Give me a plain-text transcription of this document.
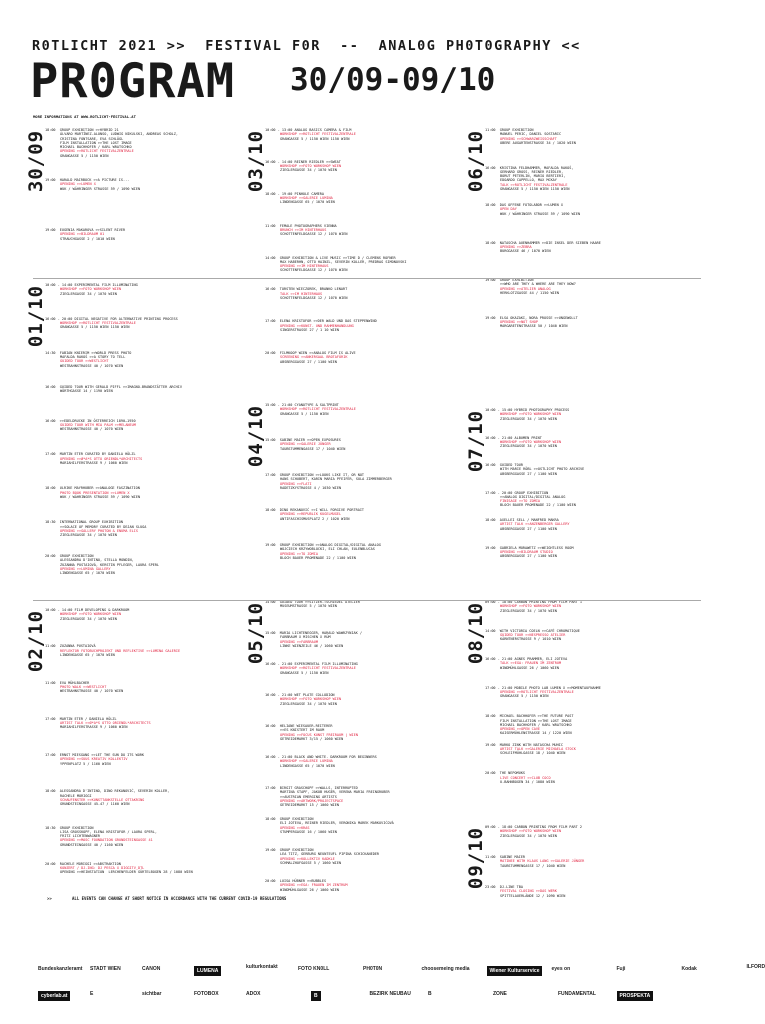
R0TLICHT 2021 >>  FESTIVAL F0R  --  ANAL0G PH0T0GRAPHY <<
PR0GRAM 30/09-09/10
MORE INFORMATIONS AT WWW.ROTLICHT-FESTIVAL.AT
30/09
18:00  GROUP EXHIBITION >>HYBRID 21
ÁLVARO MARTÍNEZ-ALONSO, LUDWIG NIKULSKI, ANDREAS SCHOLZ,
CRISTINA FONTSARE, EVA SCHLÖGL
FILM INSTALLATION >>THE LOST IMAGE
MICHAEL BACHHOFER / KARL WRATSCHKO
OPENING >>ROTLICHT FESTIVALZENTRALE
GRANGASSE 5 / 1150 WIEN
19:00  HARALD MAIRBOCK >>A PICTURE IS...
OPENING >>LUMEN X
WUK / WÄHRINGER STRASSE 59 / 1090 WIEN
19:00  EUGENIA MAKAROVA >>SILENT RIVER
OPENING >>BILDRAUM 01
STRAUCHGASSE 2 / 1010 WIEN
01/10
10:00 - 14:00 EXPERIMENTAL FILM ILLUMINATING
WORKSHOP >>FOTO WORKSHOP WIEN
ZIEGLERGASSE 34 / 1070 WIEN
16:00 - 20:00 DIGITAL NEGATIVE FOR ALTERNATIVE PRINTING PROCESS
WORKSHOP >>ROTLICHT FESTIVALZENTRALE
GRANGASSE 5 / 1150 WIEN 1150 WIEN
14:30  FABIAN KNIERIM >>WORLD PRESS PHOTO
MAFALDA RAKOŠ >>A STORY TO TELL
GUIDED TOUR >>WESTLICHT
WESTBAHNSTRASSE 40 / 1070 WIEN
16:00  GUIDED TOUR WITH GERALD PIFFL >>IMAGNO-BRANDSTÄTTER ARCHIV
WÖRTHGASSE 14 / 1190 WIEN
16:00  >>EDELDRUCKE IN ÖSTERREICH 1890–1950
GUIDED TOUR WITH MIA PALM >>MELANEUM
WESTBAHNSTRASSE 40 / 1070 WIEN
17:00  MARTIN ETER CURATED BY DANIELA HÖLZL
OPENING >>Ø*A*S OTTO ORIENDL*ARCHITECTS
MARIAHILFERSTRASSE 9 / 1060 WIEN
18:00  ULRIKE MAYRHUBER >>ANALOGE FASZINATION
PHOTO BOOK PRESENTATION >>LUMEN X
WUK / WÄHRINGER STRASSE 59 / 1090 WIEN
18:30  INTERNATIONAL GROUP EXHIBITION
>>SOLACE OF MEMORY CURATED BY DEJAN SLUGA
OPENING >>GALLERY PHOTON & ENUMA ELIS
ZIEGLERGASSE 34 / 1070 WIEN
20:00  GROUP EXHIBITION
ALESSANDRA D'INTINO, STELLA MONDIN,
ZUZANNA PUSTAIOVÁ, KERSTIN PFLEGER, LAURA SPERL
OPENING >>LUMINA GALLERY
LINDENGASSE 65 / 1070 WIEN
02/10
10:00 - 14:00 FILM DEVELOPING & DARKROOM
WORKSHOP >>FOTO WORKSHOP WIEN
ZIEGLERGASSE 34 / 1070 WIEN
11:00  ZUZANNA PUSTAIOVÁ
REFLEKTOR FOTOBUCHPROJEKT UND REFLEKTIVE >>LUMINA GALERIE
LINDENGASSE 65 / 1070 WIEN
11:00  EVA MÜHLBACHER
PHOTO WALK >>WESTLICHT
WESTBAHNSTRASSE 40 / 1070 WIEN
17:00  MARTIN ETER / DANIELA HÖLZL
ARTIST TALK >>Ø*A*S OTTO ORIENDL*ARCHITECTS
MARIAHILFERSTRASSE 9 / 1060 WIEN
17:00  ERNST MIESGANG >>LET THE SUN DO ITS WORK
OPENING >>SUUS KREATIV KOLLEKTIV
YPPENPLATZ 5 / 1160 WIEN
18:00  ALESSANDRA D'INTINO, DINO REKANOVIĆ, SEVERIN KOLLER,
RACHELE MORIGGI
SCHAUFENSTER >>KUNSTTANKSTELLE OTTAKRING
GRUNDSTEINGASSE 45-47 / 1160 WIEN
18:30  GROUP EXHIBITION
LISA GROSSKOPF, ELENA KRISTOFOR / LAURA SPERL,
FRITZ LICHTENWAGNER
OPENING >>MASC FOUNDATION GRUNDSTEINGASSE 41
GRUNDSTEINGASSE 40 / 1160 WIEN
20:00  RACHELE MORIGGI >>ABSTRAKTION
KONZERT / DJ-ING: DJ PESCA X DIGGITV_DTL
OPENING >>HEINSTATION  LERCHENFELDER GÜRTELBOGEN 28 / 1080 WIEN
03/10
10:00 - 13:00 ANALOG BASICS CAMERA & FILM
WORKSHOP >>ROTLICHT FESTIVALZENTRALE
GRANGASSE 5 / 1150 WIEN 1150 WIEN
16:00 - 14:00 REINER RIEDLER >>SWEAT
WORKSHOP >>FOTO WORKSHOP WIEN
ZIEGLERGASSE 34 / 1070 WIEN
18:00 - 19:00 PINHOLE CAMERA
WORKSHOP >>GALERIE LUMINA
LINDENGASSE 65 / 1070 WIEN
11:00  FEMALE PHOTOGRAPHERS VIENNA
BRUNCH >>IM HINTERHAUS
SCHOTTENFELDGASSE 12 / 1070 WIEN
14:00  GROUP EXHIBITION & LIVE MUSIC >>TIME D / CLEMENS ROFNER
MAX HABERHN, OTTO HAINZL, SEVERIN KOLLER, PREDRAG SIMONOVSKI
OPENING >>IM HINTERHAUS
SCHOTTENFELDGASSE 12 / 1070 WIEN
16:00  TORSTEN WIECZOREK, BRANKO LENART
TALK >>IM HINTERHAUS
SCHOTTENFELDGASSE 12 / 1070 WIEN
17:00  ELENA KRISTOFOR >>DER WALD UND DAS STEPPENWIND
OPENING >>KUNST- UND RAHMENHANDLUNG
SINGERSTRASSE 27 / 1 10 WIEN
20:00  FILMKOOP WIEN >>ANALOG FILM IS ALIVE
SCREENING >>ANKERSAAL BROTAFÖRIK
ABSBERGGASSE 27 / 1100 WIEN
04/10
15:00 - 21:00 CYANOTYPE & SALTPRINT
WORKSHOP >>ROTLICHT FESTIVALZENTRALE
GRANGASSE 5 / 1150 WIEN
15:00  SABINE MAIER >>OPEN EXPOSURES
OPENING >>GALERIE JÜNGER
TAUBSTUMMENGASSE 17 / 1040 WIEN
17:00  GROUP EXHIBITION >>LOOKS LIKE IT, OR NOT
HANS SCHUBERT, KARIN MARIA PFEIFER, SULA ZIMMERBERGER
OPENING >>FLATI
RADETZKYSTRASSE 4 / 1030 WIEN
18:00  DINO REKANOVIĆ >>I WILL FORGIVE PORTRAIT
OPENING >>REPUBLIK KUGELMUGEL
ANTIFASCHISMUSPLATZ 2 / 1020 WIEN
19:00  GROUP EXHIBITION >>ANALOG DIGITAL/DIGITAL ANALOG
WOJCIECH KRZYWOBLOCKI, ELI CHLAN, EULENBLUCAS
OPENING >>TO ZOMIA
BLOCH BAUER PROMENADE 22 / 1100 WIEN
05/10
14:00  GUIDED TOUR >>SITZER-TSCHIEDEL ATELIER
MUSEUMSTRASSE 5 / 1070 WIEN
15:00  MARIA LICHTENEGGER, HARALD WAWRZYNIAK /
FARBRAUM X MISCHEN X RÜM
OPENING >>FARBRAUM
LINKE WIENZEILE 46 / 1060 WIEN
16:00 - 21:00 EXPERIMENTAL FILM ILLUMINATING
WORKSHOP >>ROTLICHT FESTIVALZENTRALE
GRANGASSE 5 / 1150 WIEN
16:00 - 21:00 WET PLATE COLLODION
WORKSHOP >>FOTO WORKSHOP WIEN
ZIEGLERGASSE 34 / 1070 WIEN
16:00  HELIANE WIESAUER-REITERER
>>ES KNISTERT IM RAUM
OPENING >>FOCUS KUNST FREIRAUM | WIEN
GETREIDEMARKT 3/15 / 1060 WIEN
16:00 - 21:00 BLACK AND WHITE. DARKROOM FOR BEGINNERS
WORKSHOP >>GALERIE LUMINA
LINDENGASSE 65 / 1070 WIEN
17:00  BIRGIT GRASCHOPF >>WALLS, INTERRUPTED
MARTINA STAPF, JAKOB HUGER, VERENA MARIA FREINGRUBER
>>AUSTRIAN EMERGING ARTISTS
OPENING >>ARTWORK/PROJECTSPACE
GETREIDEMARKT 15 / 1060 WIEN
18:00  GROUP EXHIBITION
ELI JOTEVA, REINER RIEDLER, VERONIKA MAREK MARKOVIĆOVÁ
OPENING >>KRAS
STUMPERGASSE 16 / 1060 WIEN
19:00  GROUP EXHIBITION
LEA TITZ, GERBURG NEUNTEUFL PIPINA SCHICKANEDER
OPENING >>KOLLEKTIV KADKLE
SCHMALZHOFGASSE 5 / 1060 WIEN
20:00  LUISA HÜBNER >>BUBBLES
OPENING >>EGA: FRAUEN IM ZENTRUM
WINDMÜHLGASSE 26 / 1060 WIEN
06/10
11:00  GROUP EXHIBITION
MANUEL PERIC, DANIEL SOSTARIC
OPENING >>SCHWARZWEISSCHAFT
OBERE AUGARTENSTRASSE 34 / 1020 WIEN
16:00  KRISTINA FELDHAMMER, MAFALDA RAKOŠ,
GERHARD GROSS, REINER RIEDLER,
BORUT PETERLIN, MARIO BERTIERI,
EDOARDO CAPPELLO, MAX MCKAY
TALK >>ROTLICHT FESTIVALZENTRALE
GRANGASSE 5 / 1150 WIEN 1150 WIEN
18:00  DAS OFFENE FOTOLABOR >>LUMEN X
OPEN DAY
WUK / WÄHRINGER STRASSE 59 / 1090 WIEN
18:00  NATASCHA AUENHAMMER >>DIE INSEL DER SIEBEN HAARE
OPENING >>ZEBRA
BURGGASSE 46 / 1070 WIEN
19:00  GROUP EXHIBITION
>>WHO ARE THEY & WHERE ARE THEY NOW?
OPENING >>ATELIER ANALOG
HERKLOTZGASSE 44 / 1150 WIEN
19:00  ELSA OKAZAKI, NORA PROSSE >>UNGEWOLLT
OPENING >>NOT SHOP
MARGARETENSTRASSE 50 / 1040 WIEN
07/10
10:00 - 15:00 HYBRID PHOTOGRAPHY PROCESS
WORKSHOP >>FOTO WORKSHOP WIEN
ZIEGLERGASSE 34 / 1070 WIEN
16:00 - 21:00 ALBUMEN PRINT
WORKSHOP >>FOTO WORKSHOP WIEN
ZIEGLERGASSE 34 / 1070 WIEN
16:00  GUIDED TOUR
WITH MARIE RÖBL >>OSTLICHT PHOTO ARCHIVE
ABSBERGGASSE 27 / 1100 WIEN
17:00 - 20:00 GROUP EXHIBITION
>>ANALOG DIGITAL/DIGITAL ANALOG
FINISAGE >>TO ZOMIA
BLOCH BAUER PROMENADE 22 / 1100 WIEN
18:00  AXELLEI SELL / MANFRED MAKRA
ARTIST TALK >>ANZENBERGER GALLERY
ABSBERGGASSE 27 / 1100 WIEN
19:00  GABRIELA MORAWETZ >>WEIGHTLESS ROOM
OPENING >>BILDRAUM STUDIO
ABSBERGGASSE 27 / 1100 WIEN
08/10
09:00 - 18:00 CARBON PRINTING FROM FILM PART 1
WORKSHOP >>FOTO WORKSHOP WIEN
ZIEGLERGASSE 34 / 1070 WIEN
14:00  WITH VICTORIA COELN >>CAFÉ CHROMATIQUE
GUIDED TOUR >>NESPRESSO ATELIER
KÄRNTNERSTRASSE 9 / 1010 WIEN
16:00 - 21:00 AGNES PRAMMER, ELI JOTEVA
TALK >>EGA: FRAUEN IM ZENTRUM
WINDMÜHLGASSE 26 / 1060 WIEN
17:00 - 21:00 MOBILE PHOTO LAB LUMEN X >>MOMENTAUFNAHME
OPENING >>ROTLICHT FESTIVALZENTRALE
GRANGASSE 5 / 1150 WIEN
18:00  MICHAEL BACHHOFER >>THE FUTURE PAST
FILM INSTALLATION >>THE LOST IMAGE
MICHAEL BACHHOFER / KARL WRATSCHKO
OPENING >>OPEN CAVE
KAISERMÜHLENSTRASSE 14 / 1220 WIEN
19:00  MARKO ZINK WITH NATASCHA MUHIC
ARTIST TALK >>GALERIE MICHAELA STOCK
SCHLEIFMÜHLGASSE 18 / 1040 WIEN
20:00  THE NEPOMUKS
LIVE CONCERT >>CLUB COCO
U-BAHNBOGEN 34 / 1080 WIEN
09/10
09:00 - 18:00 CARBON PRINTING FROM FILM PART 2
WORKSHOP >>FOTO WORKSHOP WIEN
ZIEGLERGASSE 34 / 1070 WIEN
11:00  SABINE MAIER
MATINEE WITH KLAUS LANG >>GALERIE JÜNGER
TAUBSTUMMENGASSE 17 / 1040 WIEN
23:00  DJ-LINE TBA
FESTIVAL CLOSING >>DAS WERK
SPITTELAUERLÄNDE 12 / 1090 WIEN
>>	ALL EVENTS CAN CHANGE AT SHORT NOTICE IN ACCORDANCE WITH THE CURRENT COVID-19 REGULATIONS
Bundeskanzleramt STADT WIEN	CANON	LUMENA
kulturkontakt	FOTO KN0LL	PH0T0N	choosemeing media	Wiener Kulturservice	eyes on	Fuji	Kodak	ILFORD
cyberlab.at	E	sichtbar	FOTOBOX	ADOX	B	BEZIRK NEUBAU	B	ZONE	FUNDAMENTAL	PROSPEKTA
